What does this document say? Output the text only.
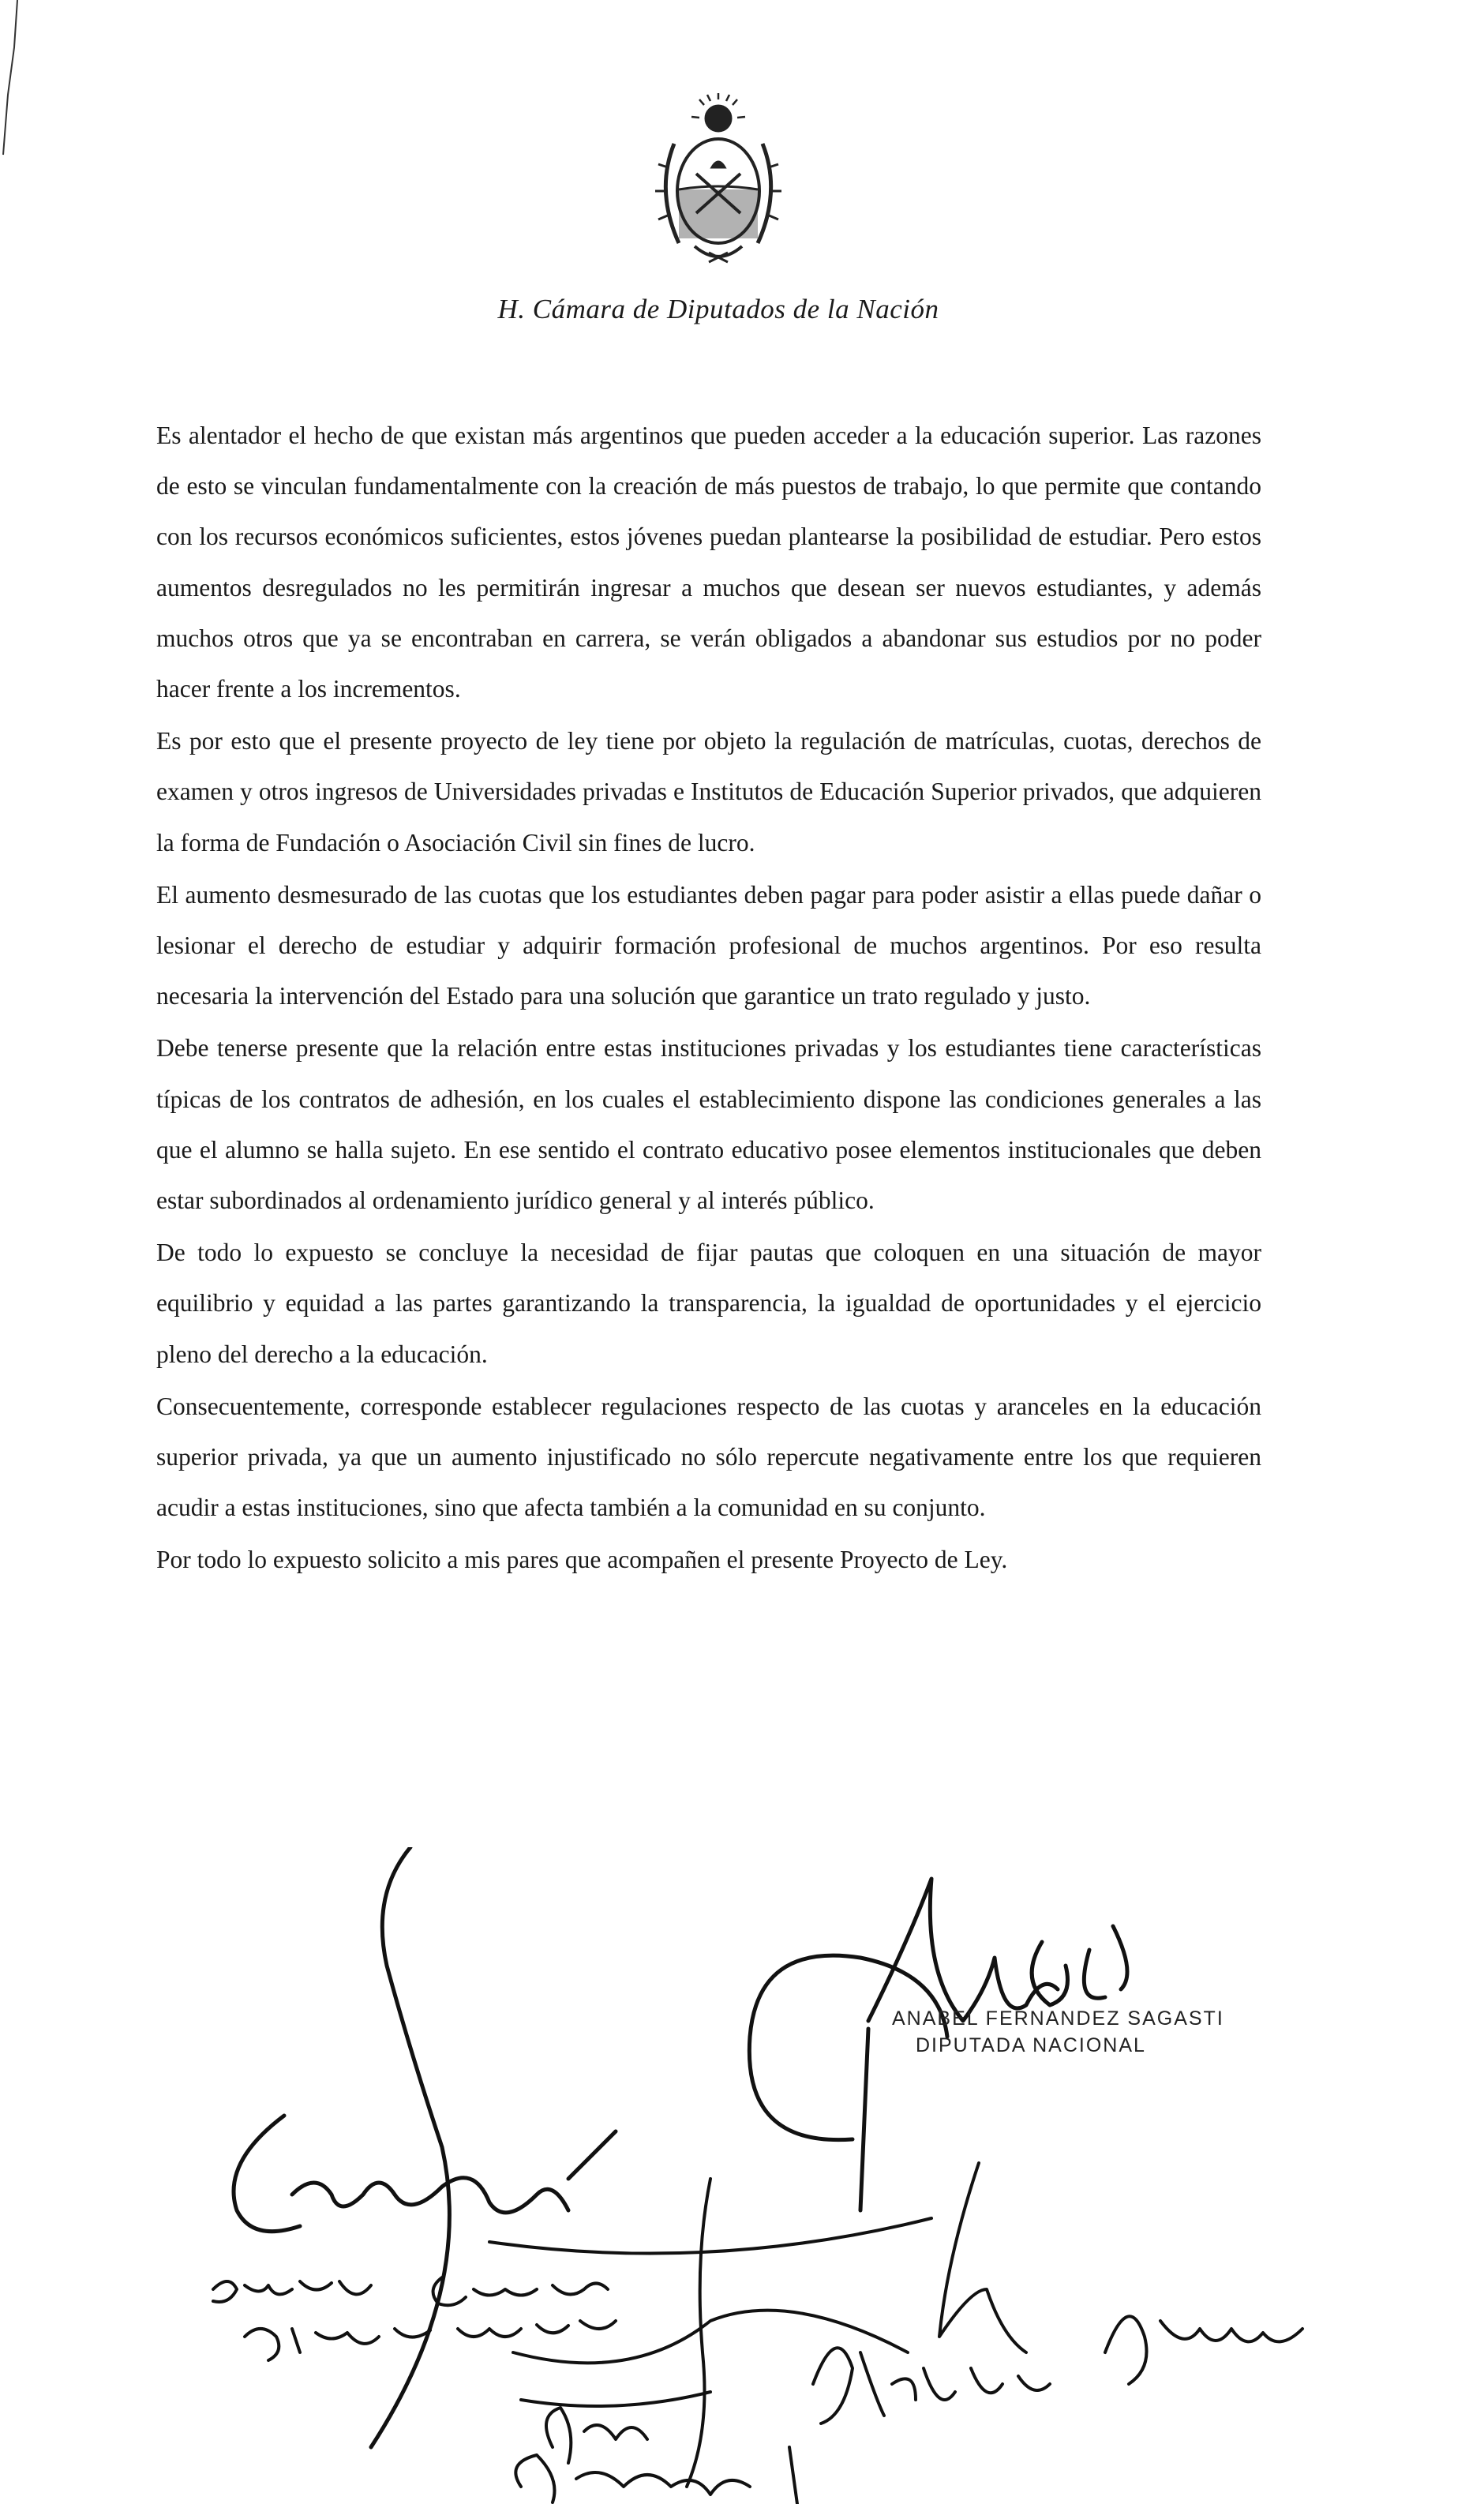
H. Cámara de Diputados de la Nación

Es alentador el hecho de que existan más argentinos que pueden acceder a la educación superior. Las razones de esto se vinculan fundamentalmente con la creación de más puestos de trabajo, lo que permite que contando con los recursos económicos suficientes, estos jóvenes puedan plantearse la posibilidad de estudiar. Pero estos aumentos desregulados no les permitirán ingresar a muchos que desean ser nuevos estudiantes, y además muchos otros que ya se encontraban en carrera, se verán obligados a abandonar sus estudios por no poder hacer frente a los incrementos.

Es por esto que el presente proyecto de ley tiene por objeto la regulación de matrículas, cuotas, derechos de examen y otros ingresos de Universidades privadas e Institutos de Educación Superior privados, que adquieren la forma de Fundación o Asociación Civil sin fines de lucro.

El aumento desmesurado de las cuotas que los estudiantes deben pagar para poder asistir a ellas puede dañar o lesionar el derecho de estudiar y adquirir formación profesional de muchos argentinos. Por eso resulta necesaria la intervención del Estado para una solución que garantice un trato regulado y justo.

Debe tenerse presente que la relación entre estas instituciones privadas y los estudiantes tiene características típicas de los contratos de adhesión, en los cuales el establecimiento dispone las condiciones generales a las que el alumno se halla sujeto. En ese sentido el contrato educativo posee elementos institucionales que deben estar subordinados al ordenamiento jurídico general y al interés público.

De todo lo expuesto se concluye la necesidad de fijar pautas que coloquen en una situación de mayor equilibrio y equidad a las partes garantizando la transparencia, la igualdad de oportunidades y el ejercicio pleno del derecho a la educación.

Consecuentemente, corresponde establecer regulaciones respecto de las cuotas y aranceles en la educación superior privada, ya que un aumento injustificado no sólo repercute negativamente entre los que requieren acudir a estas instituciones, sino que afecta también a la comunidad en su conjunto.

Por todo lo expuesto solicito a mis pares que acompañen el presente Proyecto de Ley.

ANABEL FERNANDEZ SAGASTI
DIPUTADA NACIONAL
